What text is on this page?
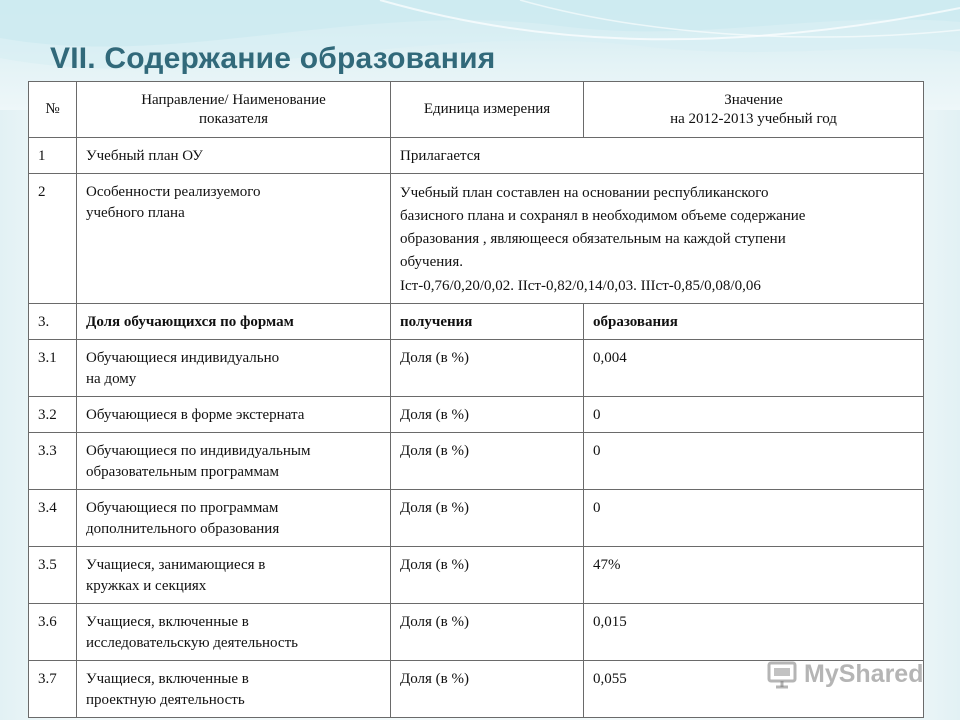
VII. Содержание образования
№	Направление/ Наименование
показателя	Единица измерения	Значение
на 2012-2013 учебный год

1	Учебный план ОУ	Прилагается	

2	Особенности реализуемого
учебного плана	Учебный план составлен на основании республиканского
базисного плана и сохранял в необходимом объеме содержание
образования , являющееся обязательным на каждой ступени
обучения.
Iст-0,76/0,20/0,02. IIст-0,82/0,14/0,03. IIIст-0,85/0,08/0,06	

3.	Доля обучающихся по формам	получения	образования

3.1	Обучающиеся индивидуально
на дому	Доля (в %)	0,004

3.2	Обучающиеся в форме экстерната	Доля (в %)	0

3.3	Обучающиеся по индивидуальным
образовательным программам	Доля (в %)	0

3.4	Обучающиеся по программам
дополнительного образования	Доля (в %)	0

3.5	Учащиеся, занимающиеся в
кружках и секциях	Доля (в %)	47%

3.6	Учащиеся, включенные в
исследовательскую деятельность	Доля (в %)	0,015

3.7	Учащиеся, включенные в
проектную деятельность	Доля (в %)	0,055	MyShared
